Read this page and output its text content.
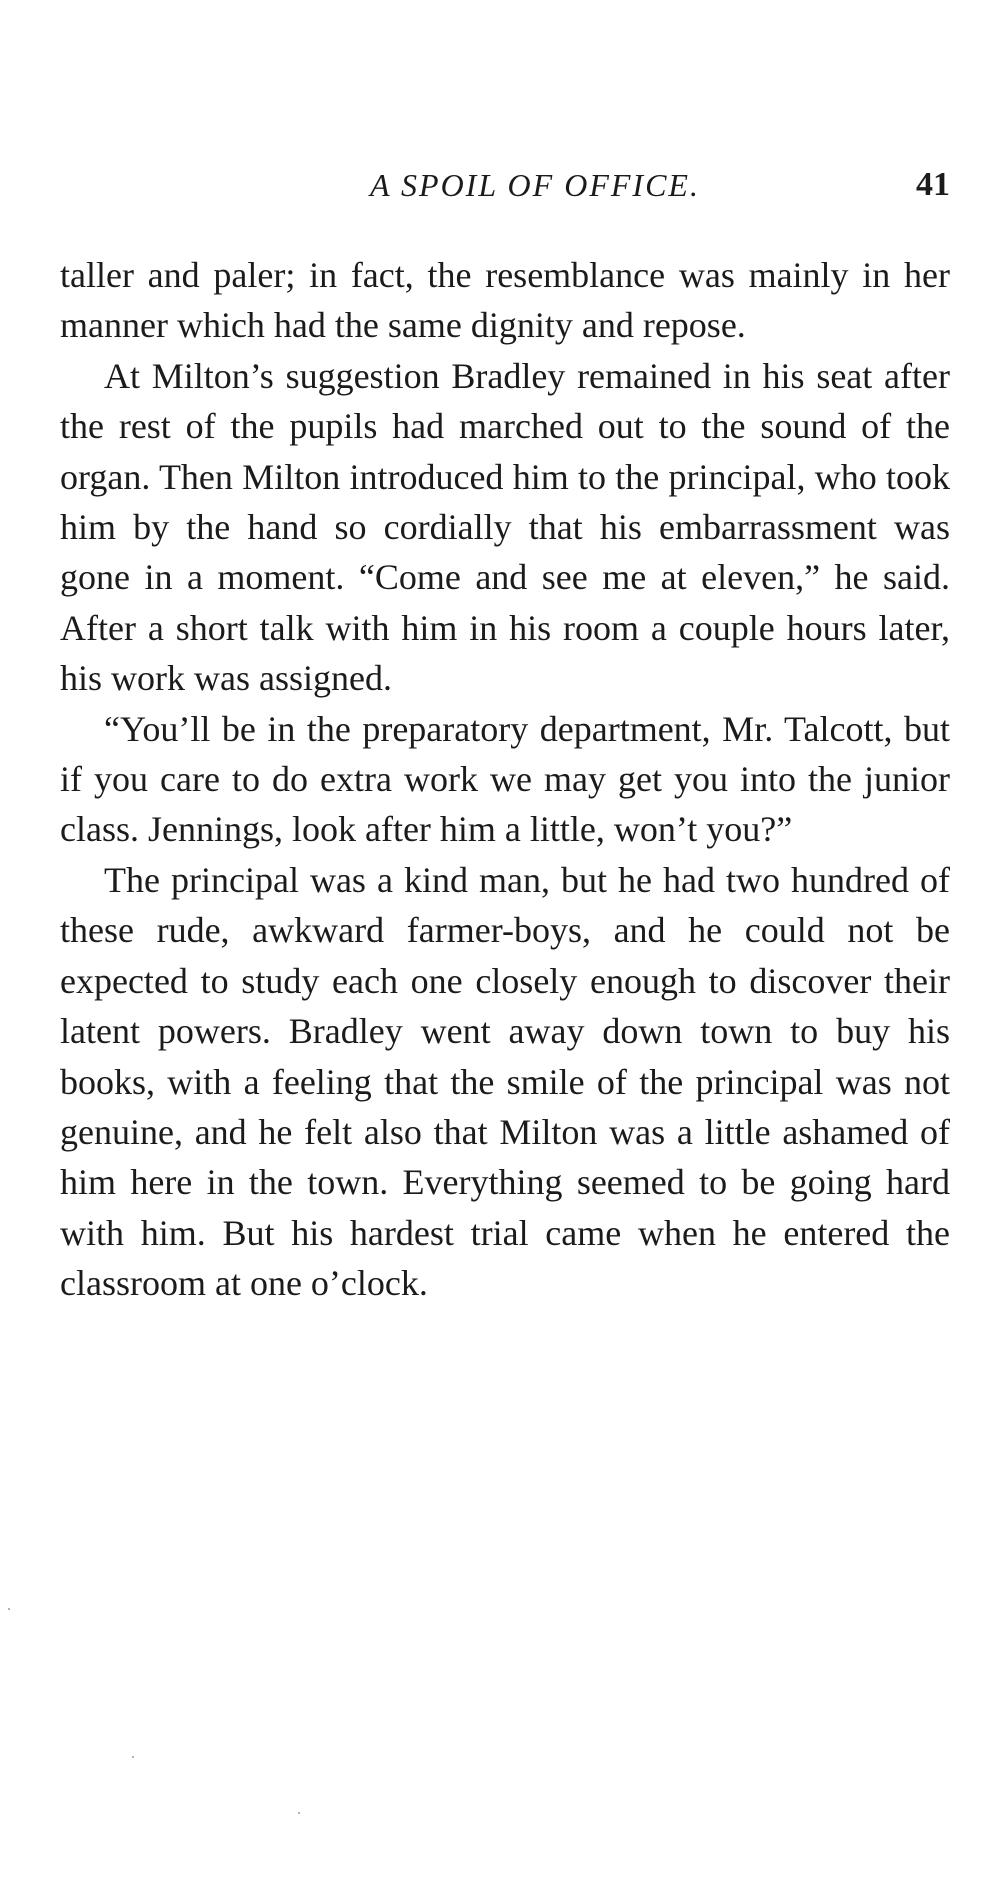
A SPOIL OF OFFICE.	41

taller and paler; in fact, the resemblance was mainly in her manner which had the same dignity and repose.

At Milton’s suggestion Bradley remained in his seat after the rest of the pupils had marched out to the sound of the organ. Then Milton introduced him to the principal, who took him by the hand so cordially that his embarrassment was gone in a moment. “Come and see me at eleven,” he said. After a short talk with him in his room a couple hours later, his work was assigned.

“You’ll be in the preparatory department, Mr. Talcott, but if you care to do extra work we may get you into the junior class. Jennings, look after him a little, won’t you?”

The principal was a kind man, but he had two hundred of these rude, awkward farmer-boys, and he could not be expected to study each one closely enough to discover their latent powers. Bradley went away down town to buy his books, with a feeling that the smile of the principal was not genuine, and he felt also that Milton was a little ashamed of him here in the town. Everything seemed to be going hard with him. But his hardest trial came when he entered the classroom at one o’clock.
